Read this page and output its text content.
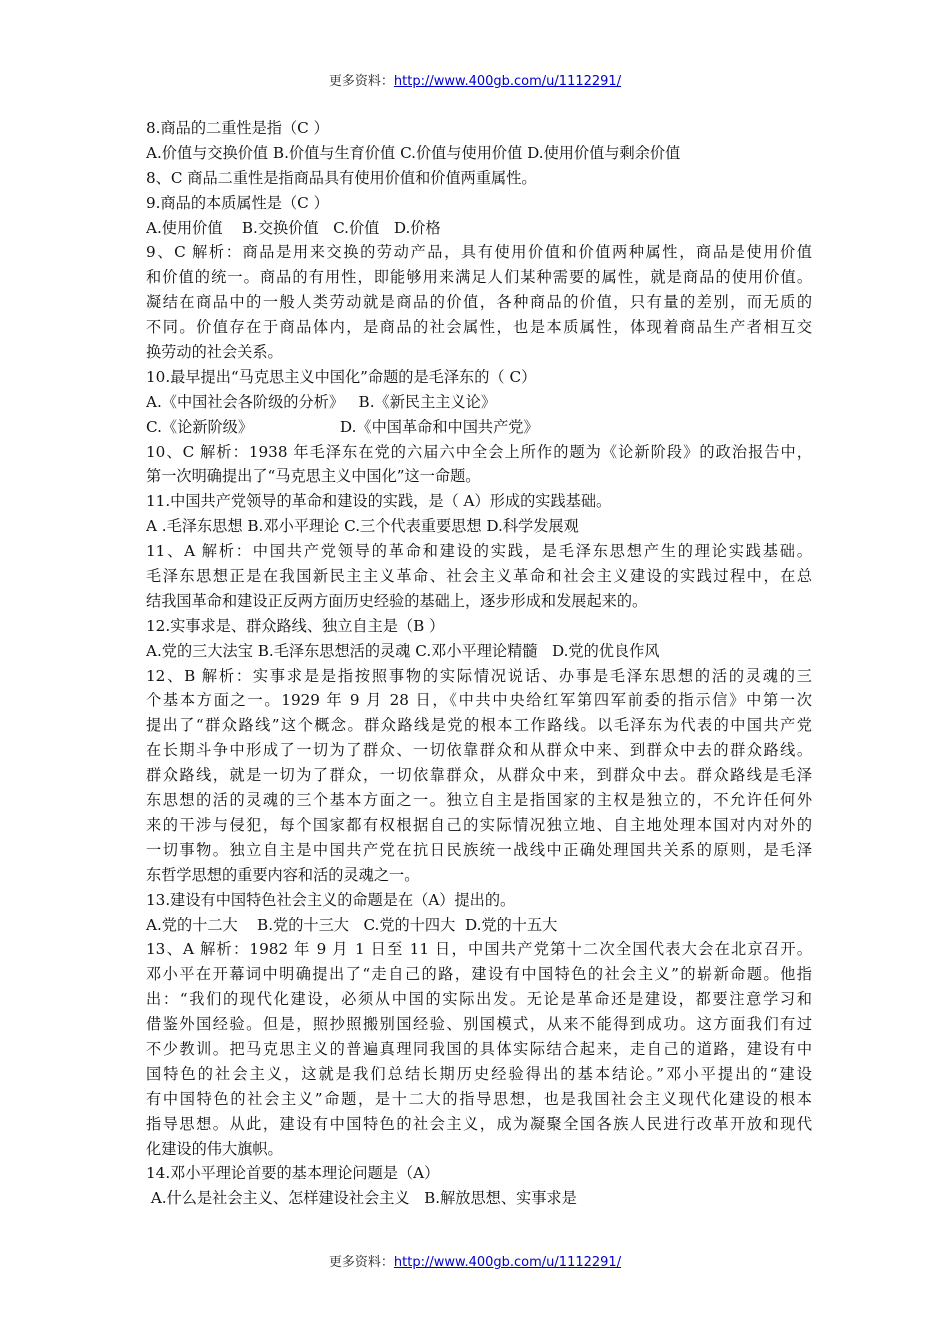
更多资料：http://www.400gb.com/u/1112291/
8.商品的二重性是指（C ）
A.价值与交换价值 B.价值与生育价值 C.价值与使用价值 D.使用价值与剩余价值
8、C 商品二重性是指商品具有使用价值和价值两重属性。
9.商品的本质属性是（C ）
A.使用价值    B.交换价值   C.价值   D.价格
9、C 解析：商品是用来交换的劳动产品，具有使用价值和价值两种属性，商品是使用价值
和价值的统一。商品的有用性，即能够用来满足人们某种需要的属性，就是商品的使用价值。
凝结在商品中的一般人类劳动就是商品的价值，各种商品的价值，只有量的差别，而无质的
不同。价值存在于商品体内，是商品的社会属性，也是本质属性，体现着商品生产者相互交
换劳动的社会关系。
10.最早提出“马克思主义中国化”命题的是毛泽东的（ C）
A.《中国社会各阶级的分析》   B.《新民主主义论》
C.《论新阶级》                  D.《中国革命和中国共产党》
10、C 解析：1938 年毛泽东在党的六届六中全会上所作的题为《论新阶段》的政治报告中，
第一次明确提出了“马克思主义中国化”这一命题。
11.中国共产党领导的革命和建设的实践，是（ A）形成的实践基础。
A .毛泽东思想 B.邓小平理论 C.三个代表重要思想 D.科学发展观
11、A 解析：中国共产党领导的革命和建设的实践，是毛泽东思想产生的理论实践基础。
毛泽东思想正是在我国新民主主义革命、社会主义革命和社会主义建设的实践过程中，在总
结我国革命和建设正反两方面历史经验的基础上，逐步形成和发展起来的。
12.实事求是、群众路线、独立自主是（B ）
A.党的三大法宝 B.毛泽东思想活的灵魂 C.邓小平理论精髓   D.党的优良作风
12、B 解析：实事求是是指按照事物的实际情况说话、办事是毛泽东思想的活的灵魂的三
个基本方面之一。1929 年 9 月 28 日，《中共中央给红军第四军前委的指示信》中第一次
提出了“群众路线”这个概念。群众路线是党的根本工作路线。以毛泽东为代表的中国共产党
在长期斗争中形成了一切为了群众、一切依靠群众和从群众中来、到群众中去的群众路线。
群众路线，就是一切为了群众，一切依靠群众，从群众中来，到群众中去。群众路线是毛泽
东思想的活的灵魂的三个基本方面之一。独立自主是指国家的主权是独立的，不允许任何外
来的干涉与侵犯，每个国家都有权根据自己的实际情况独立地、自主地处理本国对内对外的
一切事物。独立自主是中国共产党在抗日民族统一战线中正确处理国共关系的原则，是毛泽
东哲学思想的重要内容和活的灵魂之一。
13.建设有中国特色社会主义的命题是在（A）提出的。
A.党的十二大    B.党的十三大   C.党的十四大  D.党的十五大
13、A 解析：1982 年 9 月 1 日至 11 日，中国共产党第十二次全国代表大会在北京召开。
邓小平在开幕词中明确提出了“走自己的路，建设有中国特色的社会主义”的崭新命题。他指
出：“我们的现代化建设，必须从中国的实际出发。无论是革命还是建设，都要注意学习和
借鉴外国经验。但是，照抄照搬别国经验、别国模式，从来不能得到成功。这方面我们有过
不少教训。把马克思主义的普遍真理同我国的具体实际结合起来，走自己的道路，建设有中
国特色的社会主义，这就是我们总结长期历史经验得出的基本结论。”邓小平提出的“建设
有中国特色的社会主义”命题，是十二大的指导思想，也是我国社会主义现代化建设的根本
指导思想。从此，建设有中国特色的社会主义，成为凝聚全国各族人民进行改革开放和现代
化建设的伟大旗帜。
14.邓小平理论首要的基本理论问题是（A）
A.什么是社会主义、怎样建设社会主义   B.解放思想、实事求是
更多资料：http://www.400gb.com/u/1112291/
